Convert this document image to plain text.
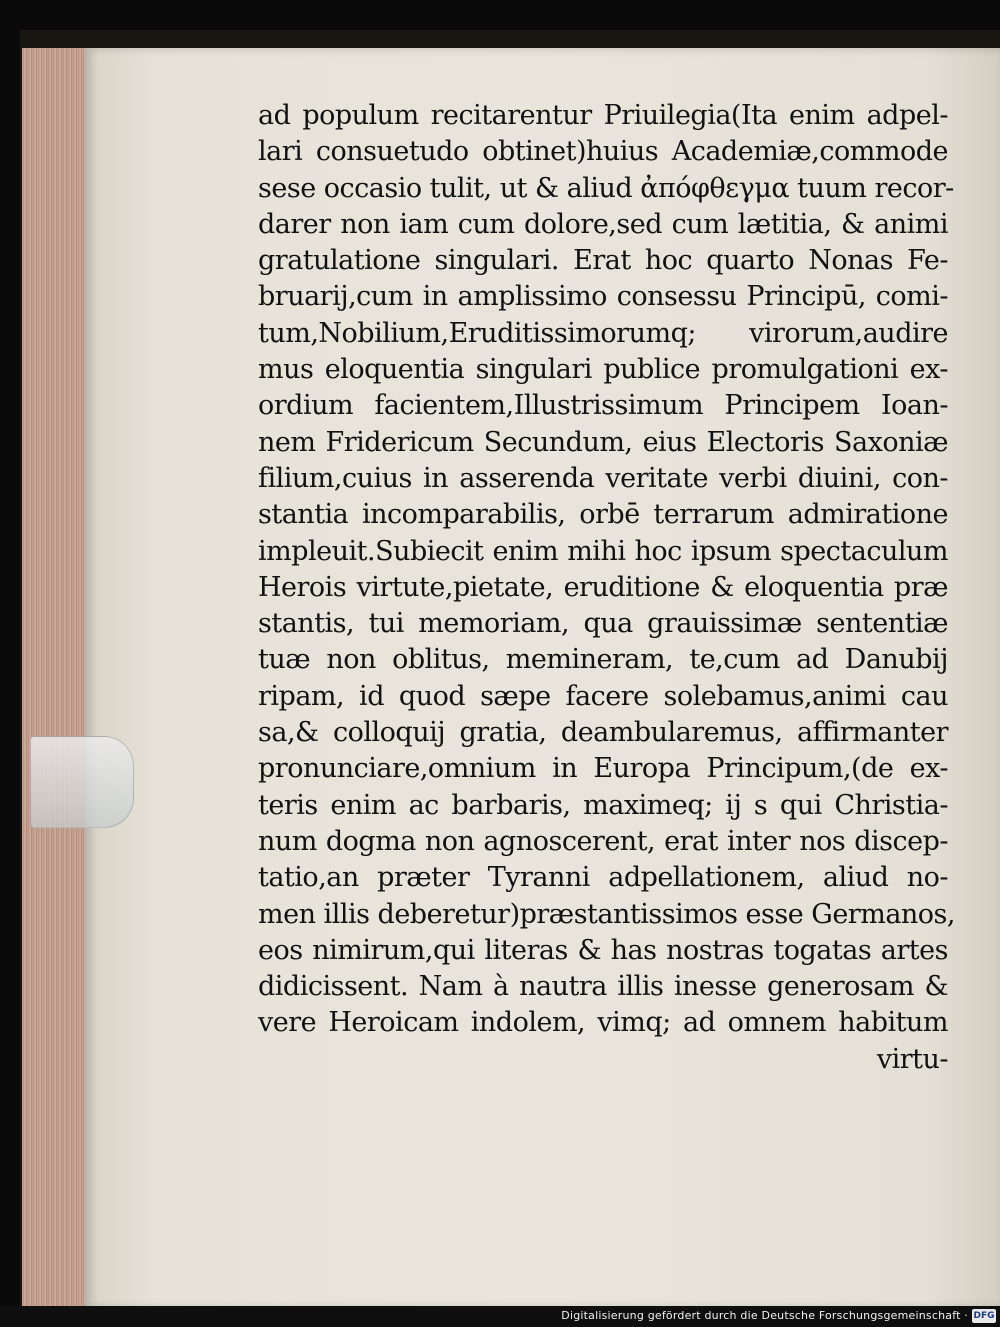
ad populum recitarentur Priuilegia(Ita enim adpel-
lari consuetudo obtinet)huius Academiæ,commode
sese occasio tulit, ut & aliud ἀπόφθεγμα tuum recor-
darer non iam cum dolore,sed cum lætitia, & animi
gratulatione singulari. Erat hoc quarto Nonas Fe-
bruarij,cum in amplissimo consessu Principū, comi-
tum,Nobilium,Eruditissimorumq; virorum,audire
mus eloquentia singulari publice promulgationi ex-
ordium facientem,Illustrissimum Principem Ioan-
nem Fridericum Secundum, eius Electoris Saxoniæ
filium,cuius in asserenda veritate verbi diuini, con-
stantia incomparabilis, orbē terrarum admiratione
impleuit.Subiecit enim mihi hoc ipsum spectaculum
Herois virtute,pietate, eruditione & eloquentia præ
stantis, tui memoriam, qua grauissimæ sententiæ
tuæ non oblitus, memineram, te,cum ad Danubij
ripam, id quod sæpe facere solebamus,animi cau
sa,& colloquij gratia, deambularemus, affirmanter
pronunciare,omnium in Europa Principum,(de ex-
teris enim ac barbaris, maximeq; ij s qui Christia-
num dogma non agnoscerent, erat inter nos discep-
tatio,an præter Tyranni adpellationem, aliud no-
men illis deberetur)præstantissimos esse Germanos,
eos nimirum,qui literas & has nostras togatas artes
didicissent. Nam à nautra illis inesse generosam &
vere Heroicam indolem, vimq; ad omnem habitum
virtu-
Digitalisierung gefördert durch die Deutsche Forschungsgemeinschaft · DFG
